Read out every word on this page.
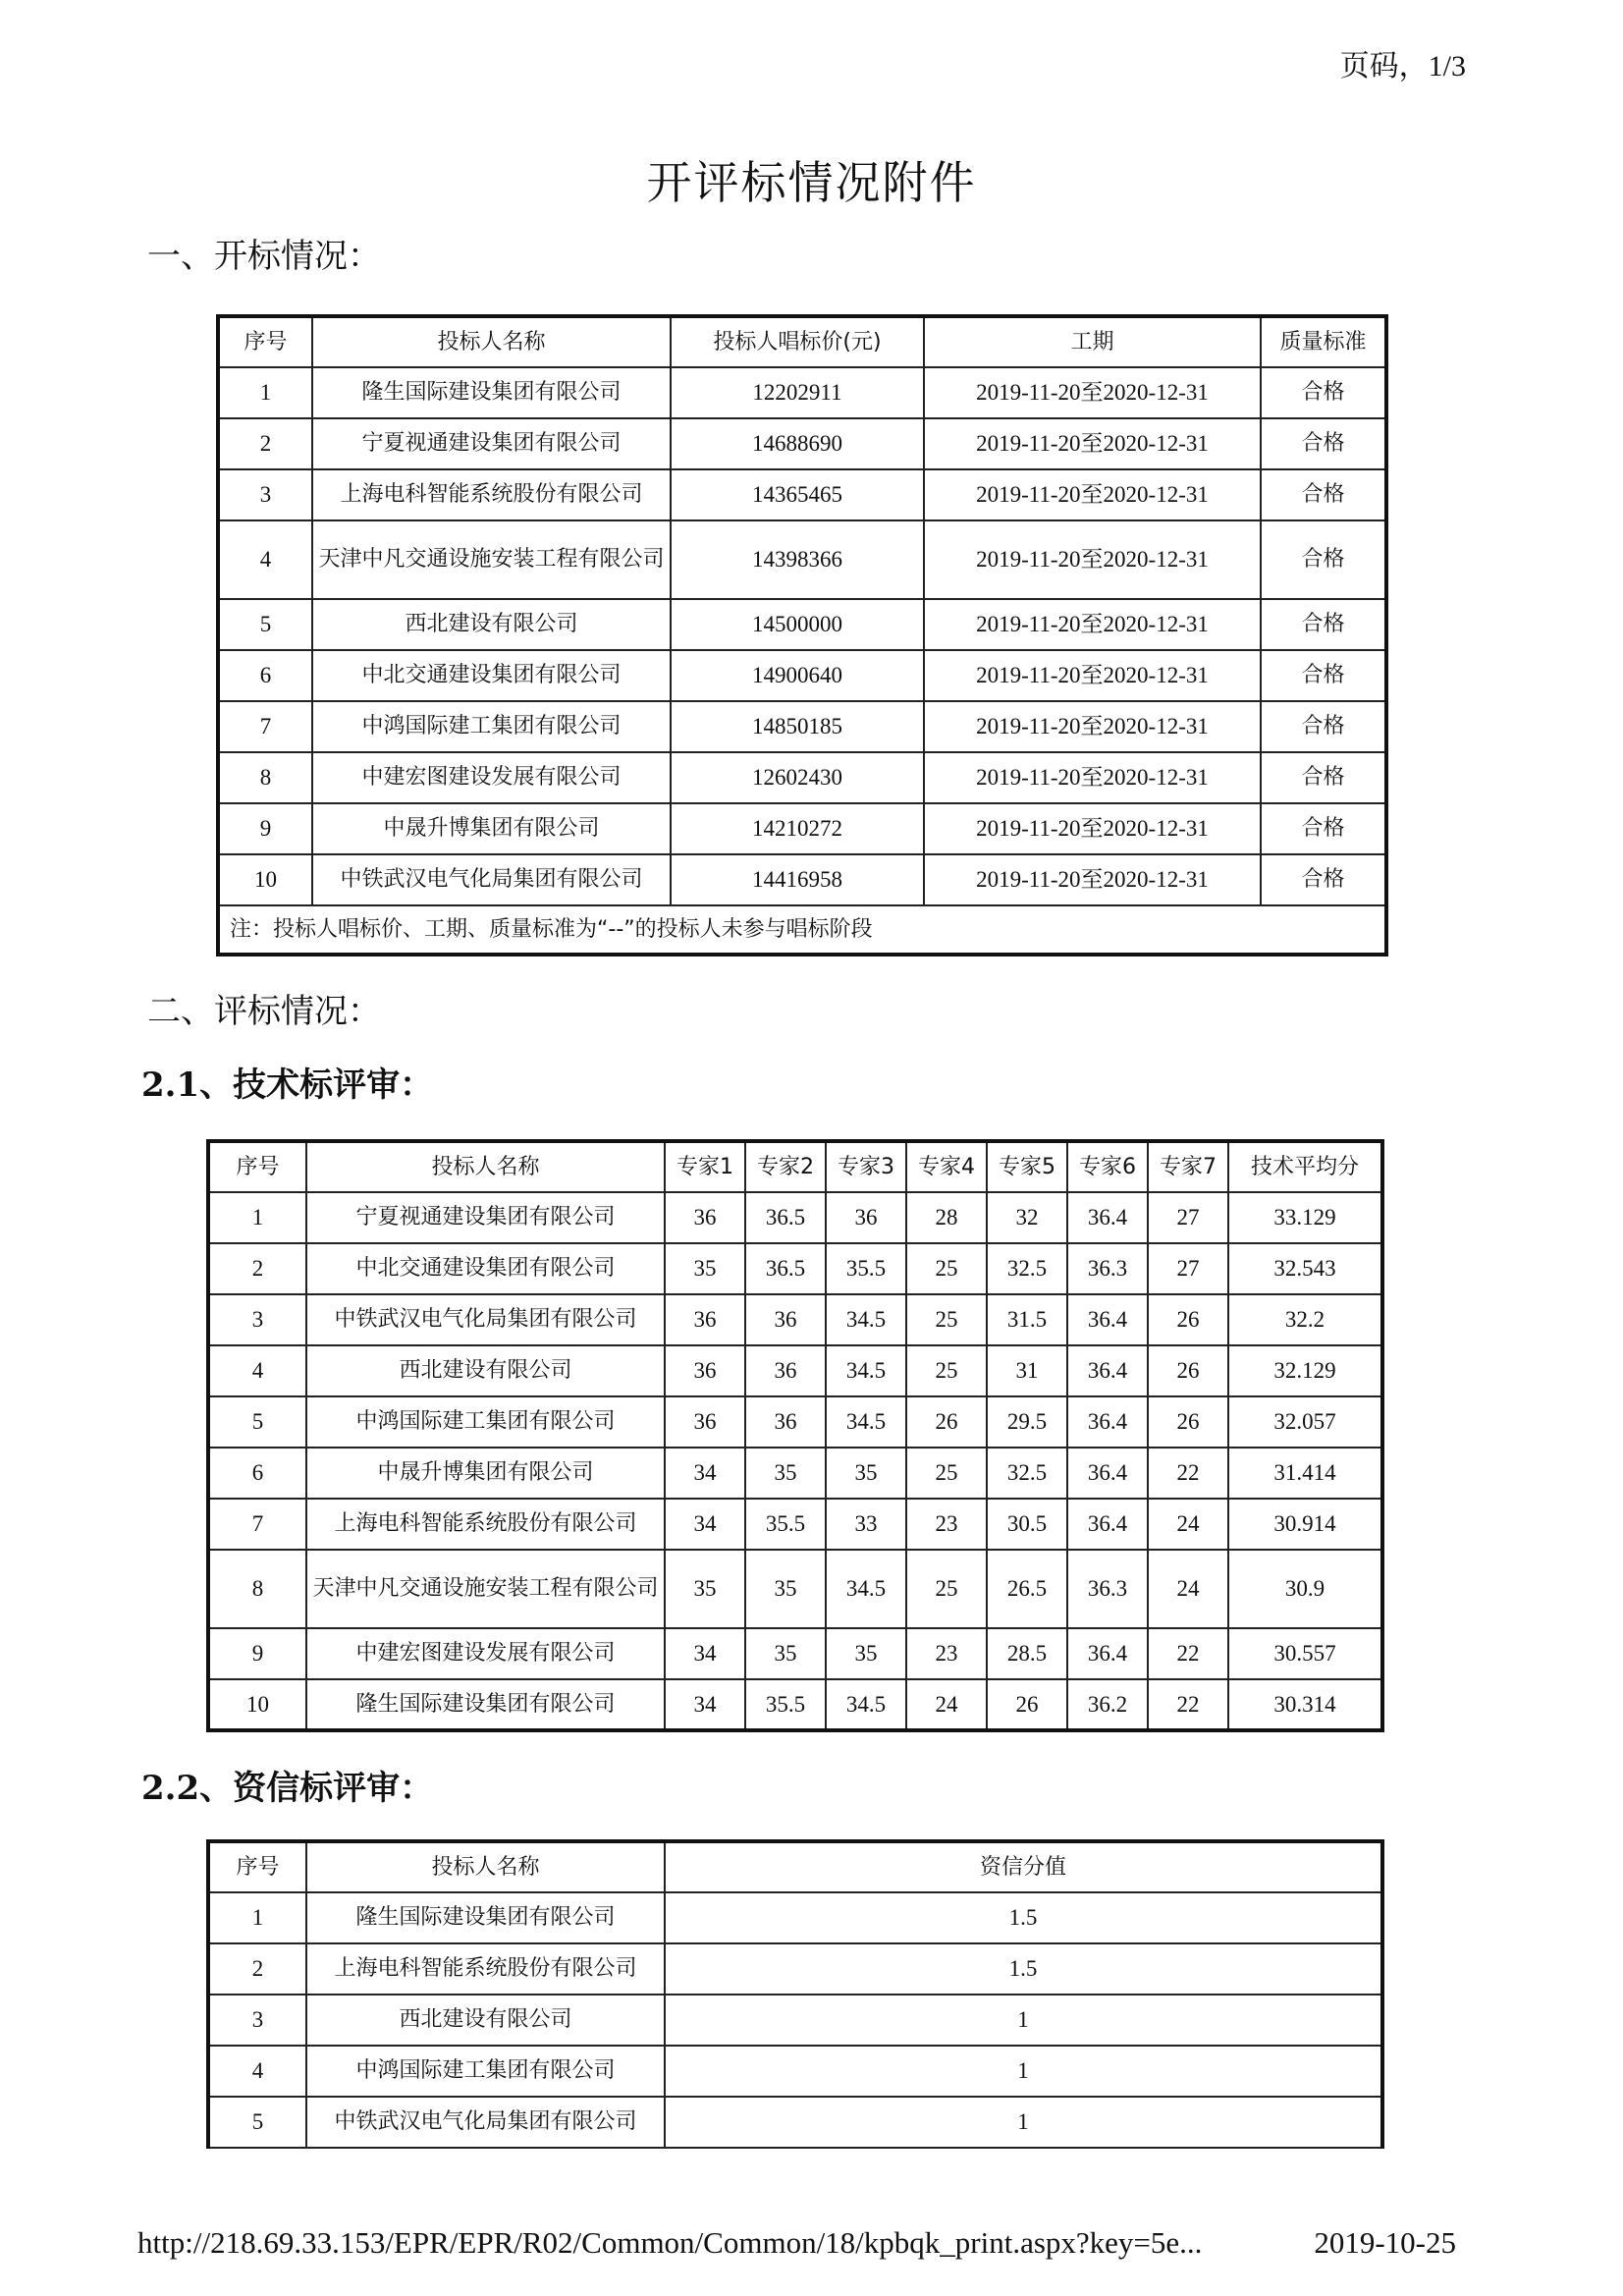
页码，1/3
开评标情况附件
一、开标情况：
序号	投标人名称	投标人唱标价(元)	工期	质量标准
1	隆生国际建设集团有限公司	12202911	2019-11-20至2020-12-31	合格
2	宁夏视通建设集团有限公司	14688690	2019-11-20至2020-12-31	合格
3	上海电科智能系统股份有限公司	14365465	2019-11-20至2020-12-31	合格
4	天津中凡交通设施安装工程有限公司	14398366	2019-11-20至2020-12-31	合格
5	西北建设有限公司	14500000	2019-11-20至2020-12-31	合格
6	中北交通建设集团有限公司	14900640	2019-11-20至2020-12-31	合格
7	中鸿国际建工集团有限公司	14850185	2019-11-20至2020-12-31	合格
8	中建宏图建设发展有限公司	12602430	2019-11-20至2020-12-31	合格
9	中晟升博集团有限公司	14210272	2019-11-20至2020-12-31	合格
10	中铁武汉电气化局集团有限公司	14416958	2019-11-20至2020-12-31	合格
注：投标人唱标价、工期、质量标准为“--”的投标人未参与唱标阶段				
二、评标情况：
2.1、技术标评审：
序号	投标人名称	专家1	专家2	专家3	专家4	专家5	专家6	专家7	技术平均分
1	宁夏视通建设集团有限公司	36	36.5	36	28	32	36.4	27	33.129
2	中北交通建设集团有限公司	35	36.5	35.5	25	32.5	36.3	27	32.543
3	中铁武汉电气化局集团有限公司	36	36	34.5	25	31.5	36.4	26	32.2
4	西北建设有限公司	36	36	34.5	25	31	36.4	26	32.129
5	中鸿国际建工集团有限公司	36	36	34.5	26	29.5	36.4	26	32.057
6	中晟升博集团有限公司	34	35	35	25	32.5	36.4	22	31.414
7	上海电科智能系统股份有限公司	34	35.5	33	23	30.5	36.4	24	30.914
8	天津中凡交通设施安装工程有限公司	35	35	34.5	25	26.5	36.3	24	30.9
9	中建宏图建设发展有限公司	34	35	35	23	28.5	36.4	22	30.557
10	隆生国际建设集团有限公司	34	35.5	34.5	24	26	36.2	22	30.314
2.2、资信标评审：
序号	投标人名称	资信分值
1	隆生国际建设集团有限公司	1.5
2	上海电科智能系统股份有限公司	1.5
3	西北建设有限公司	1
4	中鸿国际建工集团有限公司	1
5	中铁武汉电气化局集团有限公司	1
http://218.69.33.153/EPR/EPR/R02/Common/Common/18/kpbqk_print.aspx?key=5e...	2019-10-25
